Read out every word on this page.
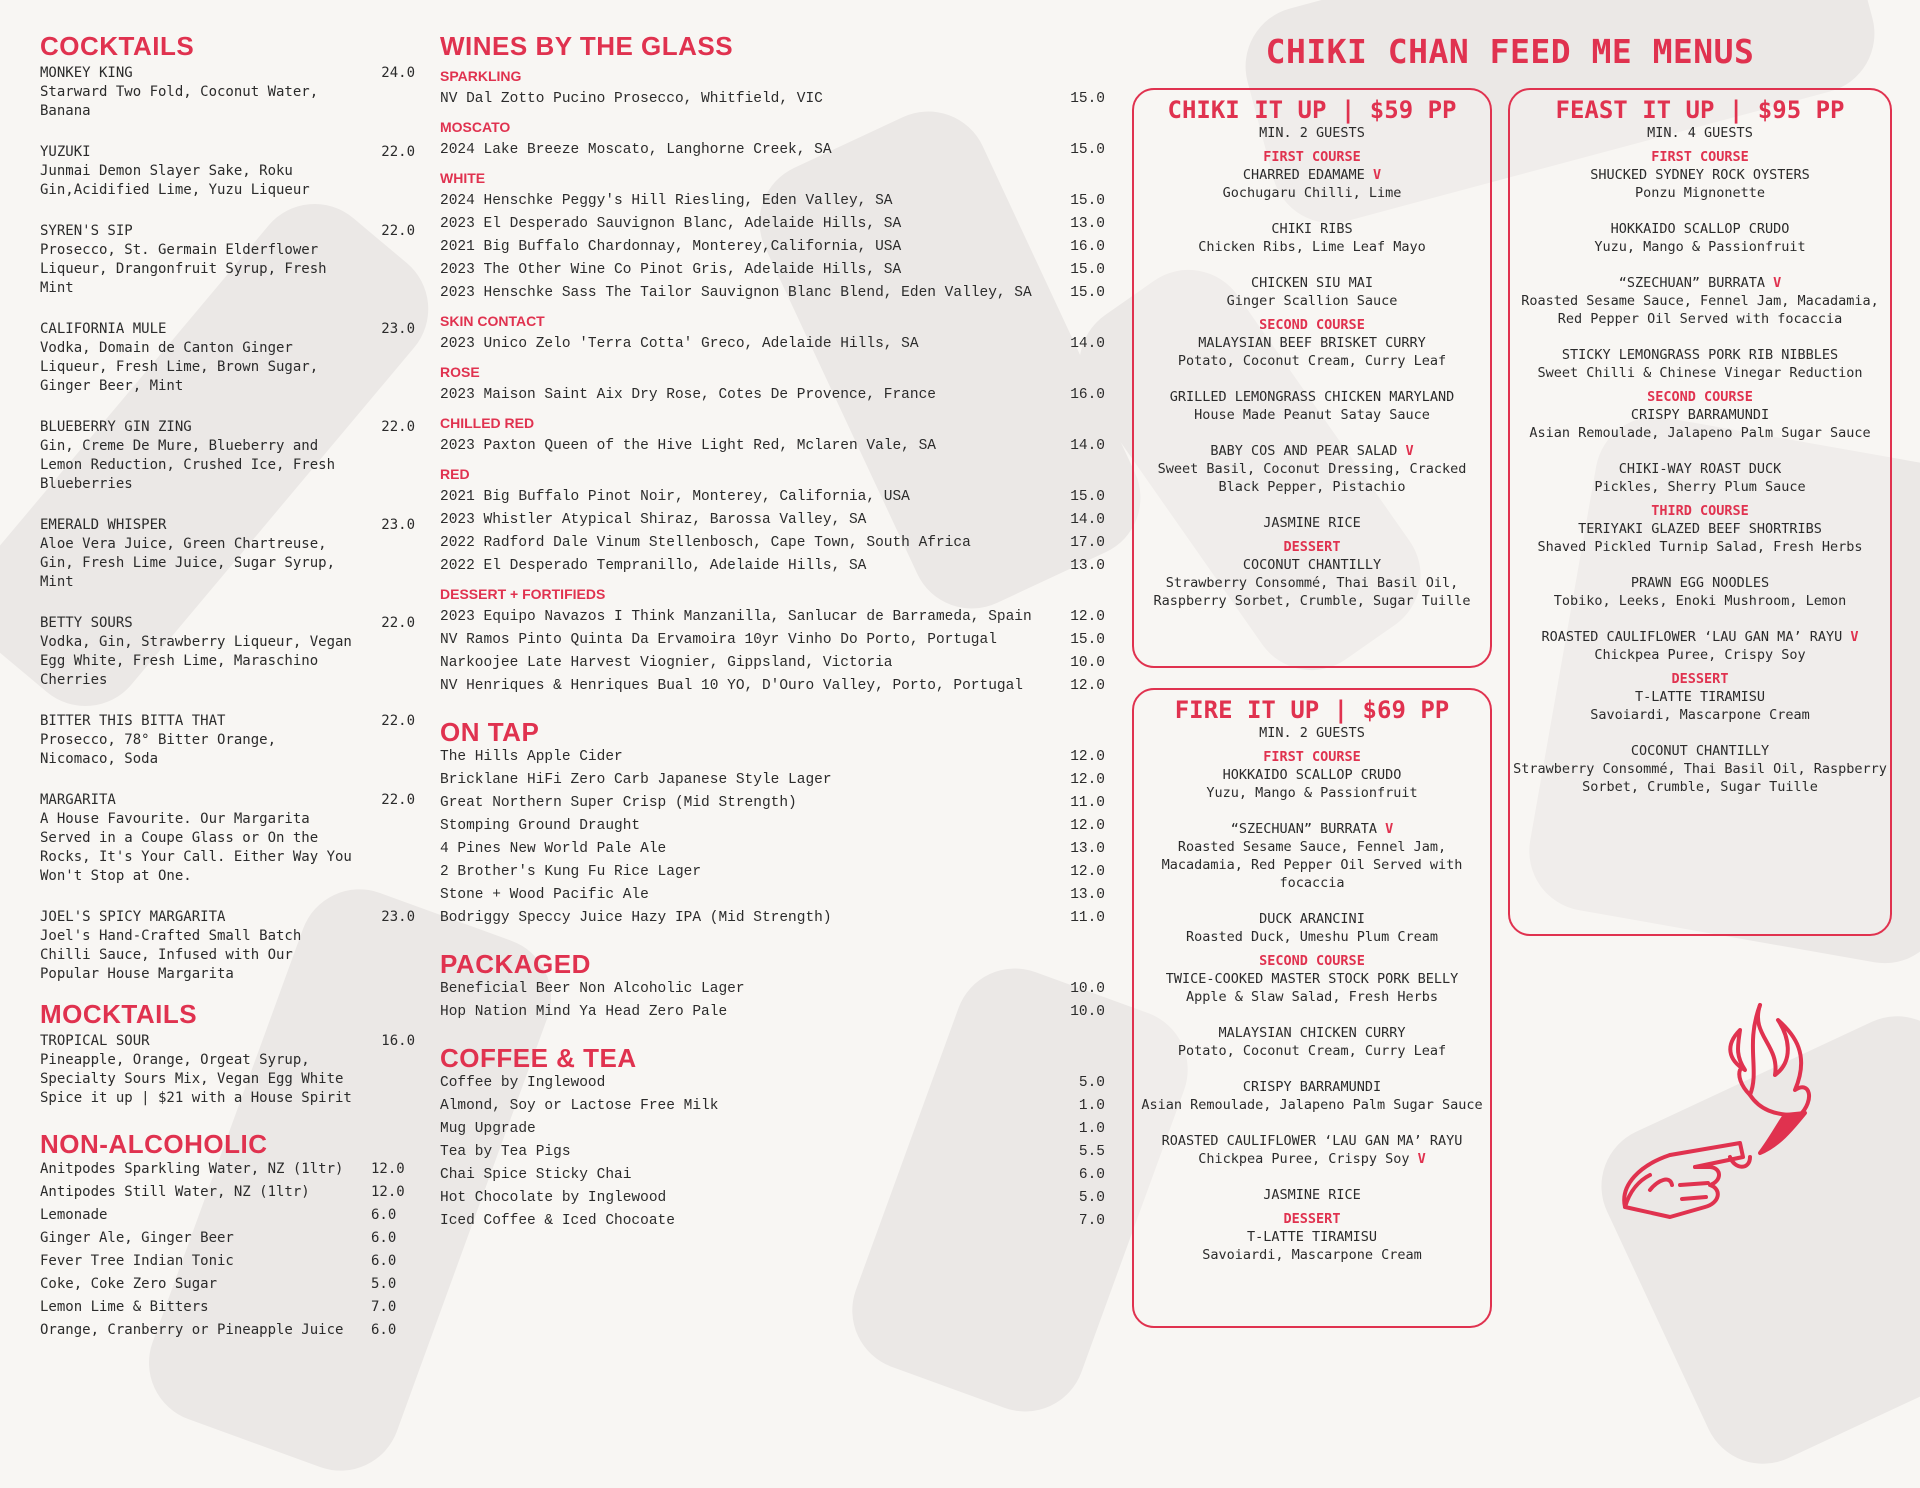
COCKTAILS
MONKEY KING	24.0
Starward Two Fold, Coconut Water, Banana
YUZUKI	22.0
Junmai Demon Slayer Sake, Roku Gin,Acidified Lime, Yuzu Liqueur
SYREN'S SIP	22.0
Prosecco, St. Germain Elderflower Liqueur, Drangonfruit Syrup, Fresh Mint
CALIFORNIA MULE	23.0
Vodka, Domain de Canton Ginger Liqueur, Fresh Lime, Brown Sugar, Ginger Beer, Mint
BLUEBERRY GIN ZING	22.0
Gin, Creme De Mure, Blueberry and Lemon Reduction, Crushed Ice, Fresh Blueberries
EMERALD WHISPER	23.0
Aloe Vera Juice, Green Chartreuse, Gin, Fresh Lime Juice, Sugar Syrup, Mint
BETTY SOURS	22.0
Vodka, Gin, Strawberry Liqueur, Vegan Egg White, Fresh Lime, Maraschino Cherries
BITTER THIS BITTA THAT	22.0
Prosecco, 78° Bitter Orange, Nicomaco, Soda
MARGARITA	22.0
A House Favourite. Our Margarita Served in a Coupe Glass or On the Rocks, It's Your Call. Either Way You Won't Stop at One.
JOEL'S SPICY MARGARITA	23.0
Joel's Hand-Crafted Small Batch Chilli Sauce, Infused with Our Popular House Margarita
MOCKTAILS
TROPICAL SOUR	16.0
Pineapple, Orange, Orgeat Syrup, Specialty Sours Mix, Vegan Egg White
Spice it up | $21 with a House Spirit
NON-ALCOHOLIC
Anitpodes Sparkling Water, NZ (1ltr) 12.0
Antipodes Still Water, NZ (1ltr)	12.0
Lemonade	6.0
Ginger Ale, Ginger Beer	6.0
Fever Tree Indian Tonic	6.0
Coke, Coke Zero Sugar	5.0
Lemon Lime & Bitters	7.0
Orange, Cranberry or Pineapple Juice 6.0
WINES BY THE GLASS
SPARKLING
NV Dal Zotto Pucino Prosecco, Whitfield, VIC	15.0
MOSCATO
2024 Lake Breeze Moscato, Langhorne Creek, SA	15.0
WHITE
2024 Henschke Peggy's Hill Riesling, Eden Valley, SA	15.0
2023 El Desperado Sauvignon Blanc, Adelaide Hills, SA	13.0
2021 Big Buffalo Chardonnay, Monterey,California, USA	16.0
2023 The Other Wine Co Pinot Gris, Adelaide Hills, SA	15.0
2023 Henschke Sass The Tailor Sauvignon Blanc Blend, Eden Valley, SA	15.0
SKIN CONTACT
2023 Unico Zelo 'Terra Cotta' Greco, Adelaide Hills, SA	14.0
ROSE
2023 Maison Saint Aix Dry Rose, Cotes De Provence, France	16.0
CHILLED RED
2023 Paxton Queen of the Hive Light Red, Mclaren Vale, SA	14.0
RED
2021 Big Buffalo Pinot Noir, Monterey, California, USA	15.0
2023 Whistler Atypical Shiraz, Barossa Valley, SA	14.0
2022 Radford Dale Vinum Stellenbosch, Cape Town, South Africa	17.0
2022 El Desperado Tempranillo, Adelaide Hills, SA	13.0
DESSERT + FORTIFIEDS
2023 Equipo Navazos I Think Manzanilla, Sanlucar de Barrameda, Spain	12.0
NV Ramos Pinto Quinta Da Ervamoira 10yr Vinho Do Porto, Portugal	15.0
Narkoojee Late Harvest Viognier, Gippsland, Victoria	10.0
NV Henriques & Henriques Bual 10 YO, D'Ouro Valley, Porto, Portugal	12.0
ON TAP
The Hills Apple Cider	12.0
Bricklane HiFi Zero Carb Japanese Style Lager	12.0
Great Northern Super Crisp (Mid Strength)	11.0
Stomping Ground Draught	12.0
4 Pines New World Pale Ale	13.0
2 Brother's Kung Fu Rice Lager	12.0
Stone + Wood Pacific Ale	13.0
Bodriggy Speccy Juice Hazy IPA (Mid Strength)	11.0
PACKAGED
Beneficial Beer Non Alcoholic Lager	10.0
Hop Nation Mind Ya Head Zero Pale	10.0
COFFEE & TEA
Coffee by Inglewood	5.0
Almond, Soy or Lactose Free Milk	1.0
Mug Upgrade	1.0
Tea by Tea Pigs	5.5
Chai Spice Sticky Chai	6.0
Hot Chocolate by Inglewood	5.0
Iced Coffee & Iced Chocoate	7.0
CHIKI CHAN FEED ME MENUS
CHIKI IT UP | $59 PP
MIN. 2 GUESTS
FIRST COURSE
CHARRED EDAMAME V
Gochugaru Chilli, Lime
CHIKI RIBS
Chicken Ribs, Lime Leaf Mayo
CHICKEN SIU MAI
Ginger Scallion Sauce
SECOND COURSE
MALAYSIAN BEEF BRISKET CURRY
Potato, Coconut Cream, Curry Leaf
GRILLED LEMONGRASS CHICKEN MARYLAND
House Made Peanut Satay Sauce
BABY COS AND PEAR SALAD V
Sweet Basil, Coconut Dressing, Cracked Black Pepper, Pistachio
JASMINE RICE
DESSERT
COCONUT CHANTILLY
Strawberry Consommé, Thai Basil Oil, Raspberry Sorbet, Crumble, Sugar Tuille
FIRE IT UP | $69 PP
MIN. 2 GUESTS
FIRST COURSE
HOKKAIDO SCALLOP CRUDO
Yuzu, Mango & Passionfruit
“SZECHUAN” BURRATA V
Roasted Sesame Sauce, Fennel Jam, Macadamia, Red Pepper Oil Served with focaccia
DUCK ARANCINI
Roasted Duck, Umeshu Plum Cream
SECOND COURSE
TWICE-COOKED MASTER STOCK PORK BELLY
Apple & Slaw Salad, Fresh Herbs
MALAYSIAN CHICKEN CURRY
Potato, Coconut Cream, Curry Leaf
CRISPY BARRAMUNDI
Asian Remoulade, Jalapeno Palm Sugar Sauce
ROASTED CAULIFLOWER ‘LAU GAN MA’ RAYU
Chickpea Puree, Crispy Soy V
JASMINE RICE
DESSERT
T-LATTE TIRAMISU
Savoiardi, Mascarpone Cream
FEAST IT UP | $95 PP
MIN. 4 GUESTS
FIRST COURSE
SHUCKED SYDNEY ROCK OYSTERS
Ponzu Mignonette
HOKKAIDO SCALLOP CRUDO
Yuzu, Mango & Passionfruit
“SZECHUAN” BURRATA V
Roasted Sesame Sauce, Fennel Jam, Macadamia, Red Pepper Oil Served with focaccia
STICKY LEMONGRASS PORK RIB NIBBLES
Sweet Chilli & Chinese Vinegar Reduction
SECOND COURSE
CRISPY BARRAMUNDI
Asian Remoulade, Jalapeno Palm Sugar Sauce
CHIKI-WAY ROAST DUCK
Pickles, Sherry Plum Sauce
THIRD COURSE
TERIYAKI GLAZED BEEF SHORTRIBS
Shaved Pickled Turnip Salad, Fresh Herbs
PRAWN EGG NOODLES
Tobiko, Leeks, Enoki Mushroom, Lemon
ROASTED CAULIFLOWER ‘LAU GAN MA’ RAYU V
Chickpea Puree, Crispy Soy
DESSERT
T-LATTE TIRAMISU
Savoiardi, Mascarpone Cream
COCONUT CHANTILLY
Strawberry Consommé, Thai Basil Oil, Raspberry Sorbet, Crumble, Sugar Tuille
